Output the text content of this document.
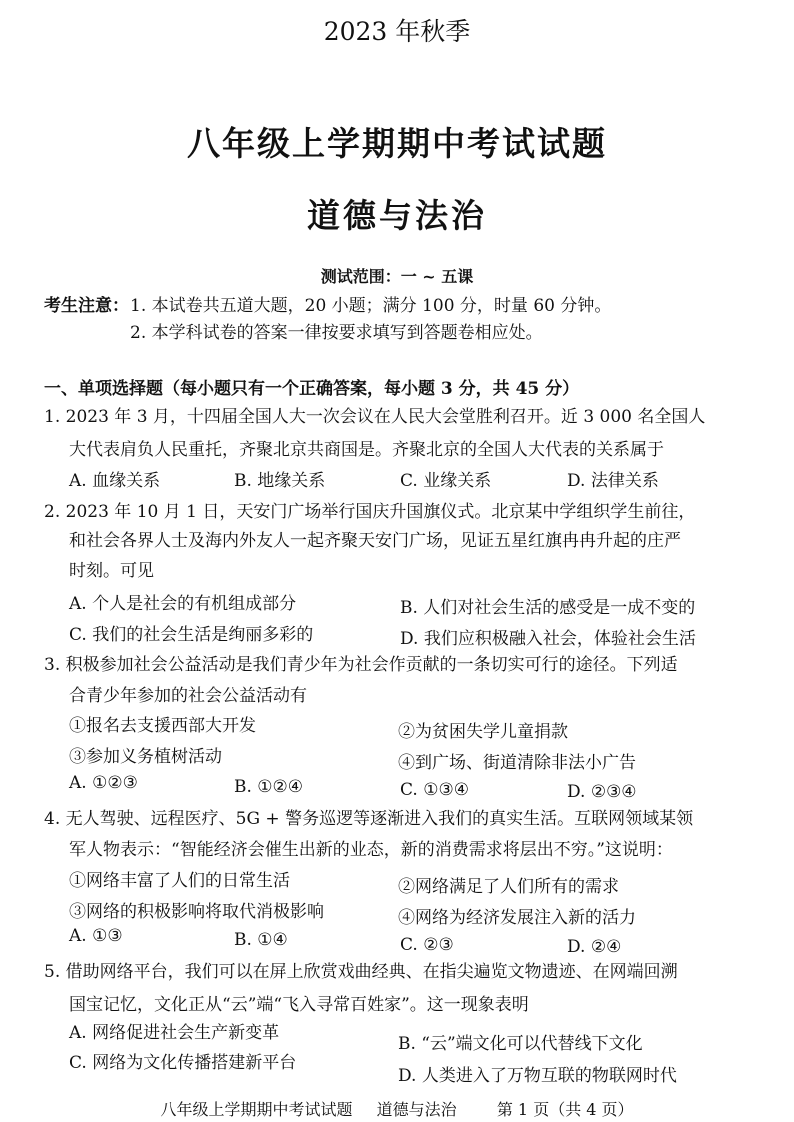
2023 年秋季
八年级上学期期中考试试题
道德与法治
测试范围：一 ~ 五课
考生注意： 1. 本试卷共五道大题，20 小题；满分 100 分，时量 60 分钟。
2. 本学科试卷的答案一律按要求填写到答题卷相应处。
一、单项选择题（每小题只有一个正确答案，每小题 3 分，共 45 分）
1. 2023 年 3 月，十四届全国人大一次会议在人民大会堂胜利召开。近 3 000 名全国人
大代表肩负人民重托，齐聚北京共商国是。齐聚北京的全国人大代表的关系属于
A. 血缘关系	B. 地缘关系	C. 业缘关系	D. 法律关系
2. 2023 年 10 月 1 日，天安门广场举行国庆升国旗仪式。北京某中学组织学生前往，
和社会各界人士及海内外友人一起齐聚天安门广场，见证五星红旗冉冉升起的庄严
时刻。可见
A. 个人是社会的有机组成部分	B. 人们对社会生活的感受是一成不变的
C. 我们的社会生活是绚丽多彩的	D. 我们应积极融入社会，体验社会生活
3. 积极参加社会公益活动是我们青少年为社会作贡献的一条切实可行的途径。下列适
合青少年参加的社会公益活动有
①报名去支援西部大开发	②为贫困失学儿童捐款
③参加义务植树活动	④到广场、街道清除非法小广告
A. ①②③	B. ①②④	C. ①③④	D. ②③④
4. 无人驾驶、远程医疗、5G + 警务巡逻等逐渐进入我们的真实生活。互联网领域某领
军人物表示：“智能经济会催生出新的业态，新的消费需求将层出不穷。”这说明：
①网络丰富了人们的日常生活	②网络满足了人们所有的需求
③网络的积极影响将取代消极影响	④网络为经济发展注入新的活力
A. ①③	B. ①④	C. ②③	D. ②④
5. 借助网络平台，我们可以在屏上欣赏戏曲经典、在指尖遍览文物遗迹、在网端回溯
国宝记忆，文化正从“云”端“飞入寻常百姓家”。这一现象表明
A. 网络促进社会生产新变革
B. “云”端文化可以代替线下文化
C. 网络为文化传播搭建新平台
D. 人类进入了万物互联的物联网时代
八年级上学期期中考试试题 道德与法治	第 1 页（共 4 页）
